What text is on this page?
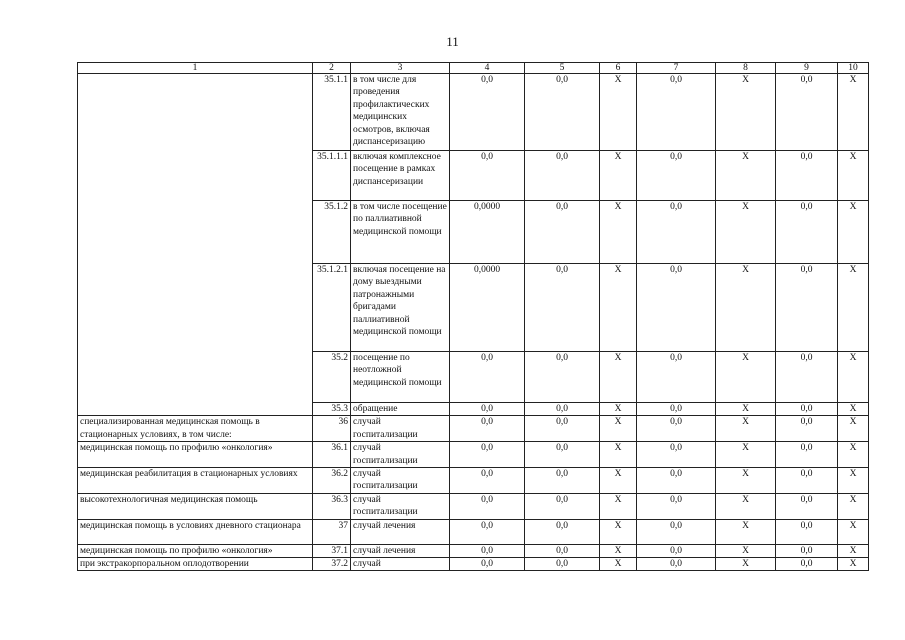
11
1	2	3	4	5	6	7	8	9	10
	35.1.1	в том числе для проведения профилактических медицинских осмотров, включая диспансеризацию	0,0	0,0	X	0,0	X	0,0	X
	35.1.1.1	включая комплексное посещение в рамках диспансеризации	0,0	0,0	X	0,0	X	0,0	X
	35.1.2	в том числе посещение по паллиативной медицинской помощи	0,0000	0,0	X	0,0	X	0,0	X
	35.1.2.1	включая посещение на дому выездными патронажными бригадами паллиативной медицинской помощи	0,0000	0,0	X	0,0	X	0,0	X
	35.2	посещение по неотложной медицинской помощи	0,0	0,0	X	0,0	X	0,0	X
	35.3	обращение	0,0	0,0	X	0,0	X	0,0	X
специализированная медицинская помощь в стационарных условиях, в том числе:	36	случай госпитализации	0,0	0,0	X	0,0	X	0,0	X
медицинская помощь по профилю «онкология»	36.1	случай госпитализации	0,0	0,0	X	0,0	X	0,0	X
медицинская реабилитация в стационарных условиях	36.2	случай госпитализации	0,0	0,0	X	0,0	X	0,0	X
высокотехнологичная медицинская помощь	36.3	случай госпитализации	0,0	0,0	X	0,0	X	0,0	X
медицинская помощь в условиях дневного стационара	37	случай лечения	0,0	0,0	X	0,0	X	0,0	X
медицинская помощь по профилю «онкология»	37.1	случай лечения	0,0	0,0	X	0,0	X	0,0	X
при экстракорпоральном оплодотворении	37.2	случай	0,0	0,0	X	0,0	X	0,0	X
